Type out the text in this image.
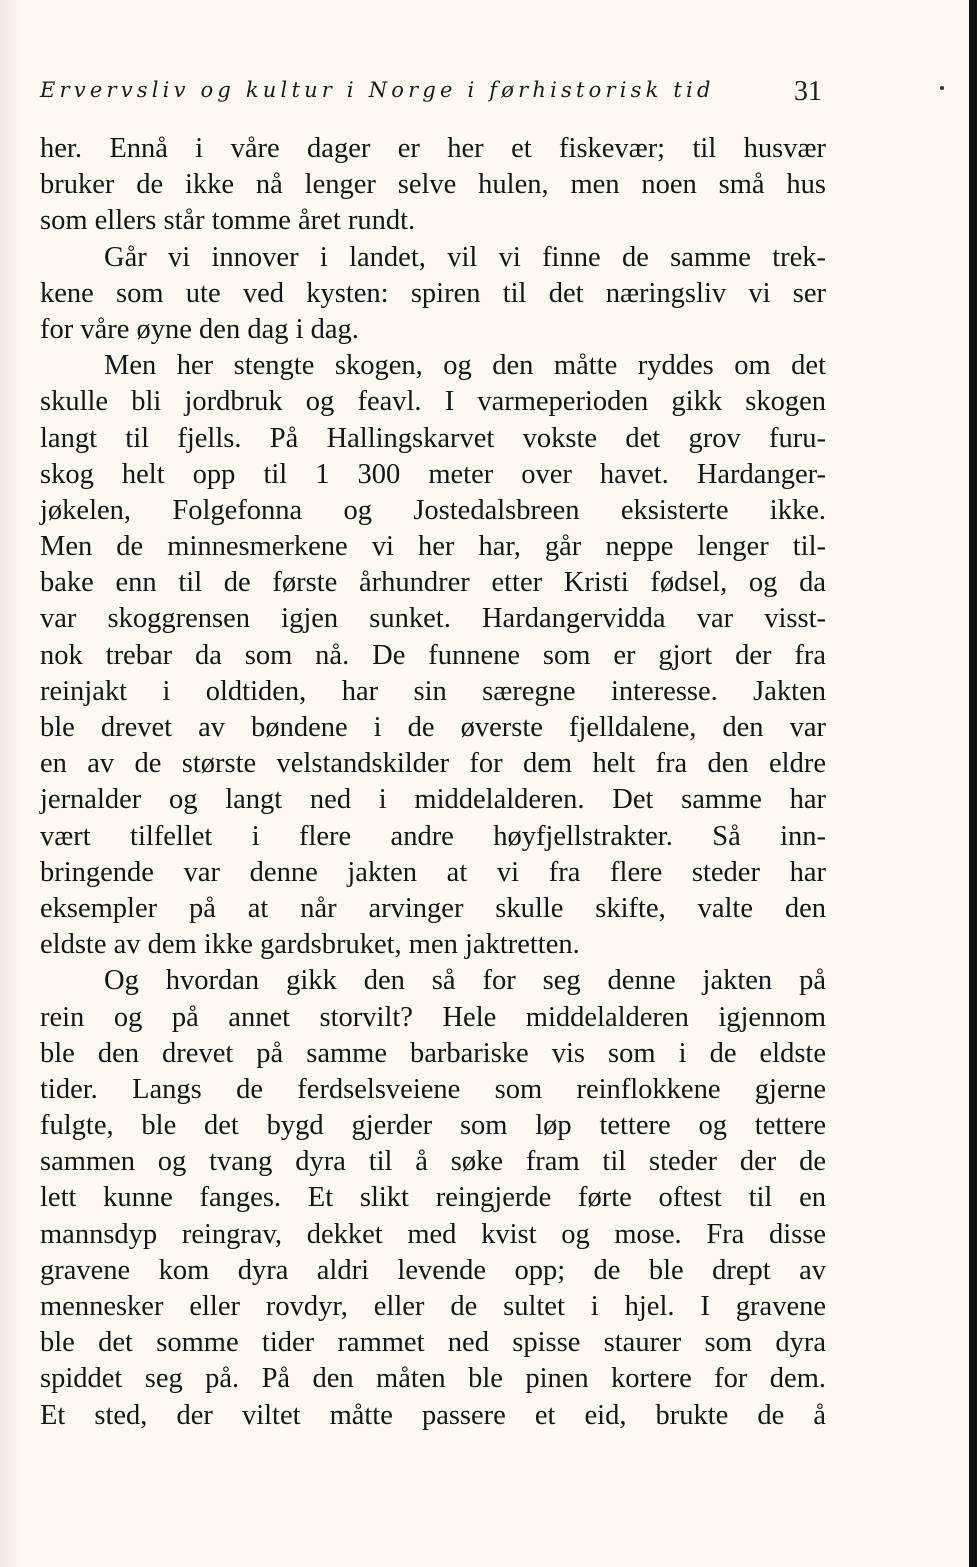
Ervervsliv og kultur i Norge i førhistorisk tid	31
her. Ennå i våre dager er her et fiskevær; til husvær
bruker de ikke nå lenger selve hulen, men noen små hus
som ellers står tomme året rundt.
Går vi innover i landet, vil vi finne de samme trek-
kene som ute ved kysten: spiren til det næringsliv vi ser
for våre øyne den dag i dag.
Men her stengte skogen, og den måtte ryddes om det
skulle bli jordbruk og feavl. I varmeperioden gikk skogen
langt til fjells. På Hallingskarvet vokste det grov furu-
skog helt opp til 1 300 meter over havet. Hardanger-
jøkelen, Folgefonna og Jostedalsbreen eksisterte ikke.
Men de minnesmerkene vi her har, går neppe lenger til-
bake enn til de første århundrer etter Kristi fødsel, og da
var skoggrensen igjen sunket. Hardangervidda var visst-
nok trebar da som nå. De funnene som er gjort der fra
reinjakt i oldtiden, har sin særegne interesse. Jakten
ble drevet av bøndene i de øverste fjelldalene, den var
en av de største velstandskilder for dem helt fra den eldre
jernalder og langt ned i middelalderen. Det samme har
vært tilfellet i flere andre høyfjellstrakter. Så inn-
bringende var denne jakten at vi fra flere steder har
eksempler på at når arvinger skulle skifte, valte den
eldste av dem ikke gardsbruket, men jaktretten.
Og hvordan gikk den så for seg denne jakten på
rein og på annet storvilt? Hele middelalderen igjennom
ble den drevet på samme barbariske vis som i de eldste
tider. Langs de ferdselsveiene som reinflokkene gjerne
fulgte, ble det bygd gjerder som løp tettere og tettere
sammen og tvang dyra til å søke fram til steder der de
lett kunne fanges. Et slikt reingjerde førte oftest til en
mannsdyp reingrav, dekket med kvist og mose. Fra disse
gravene kom dyra aldri levende opp; de ble drept av
mennesker eller rovdyr, eller de sultet i hjel. I gravene
ble det somme tider rammet ned spisse staurer som dyra
spiddet seg på. På den måten ble pinen kortere for dem.
Et sted, der viltet måtte passere et eid, brukte de å
